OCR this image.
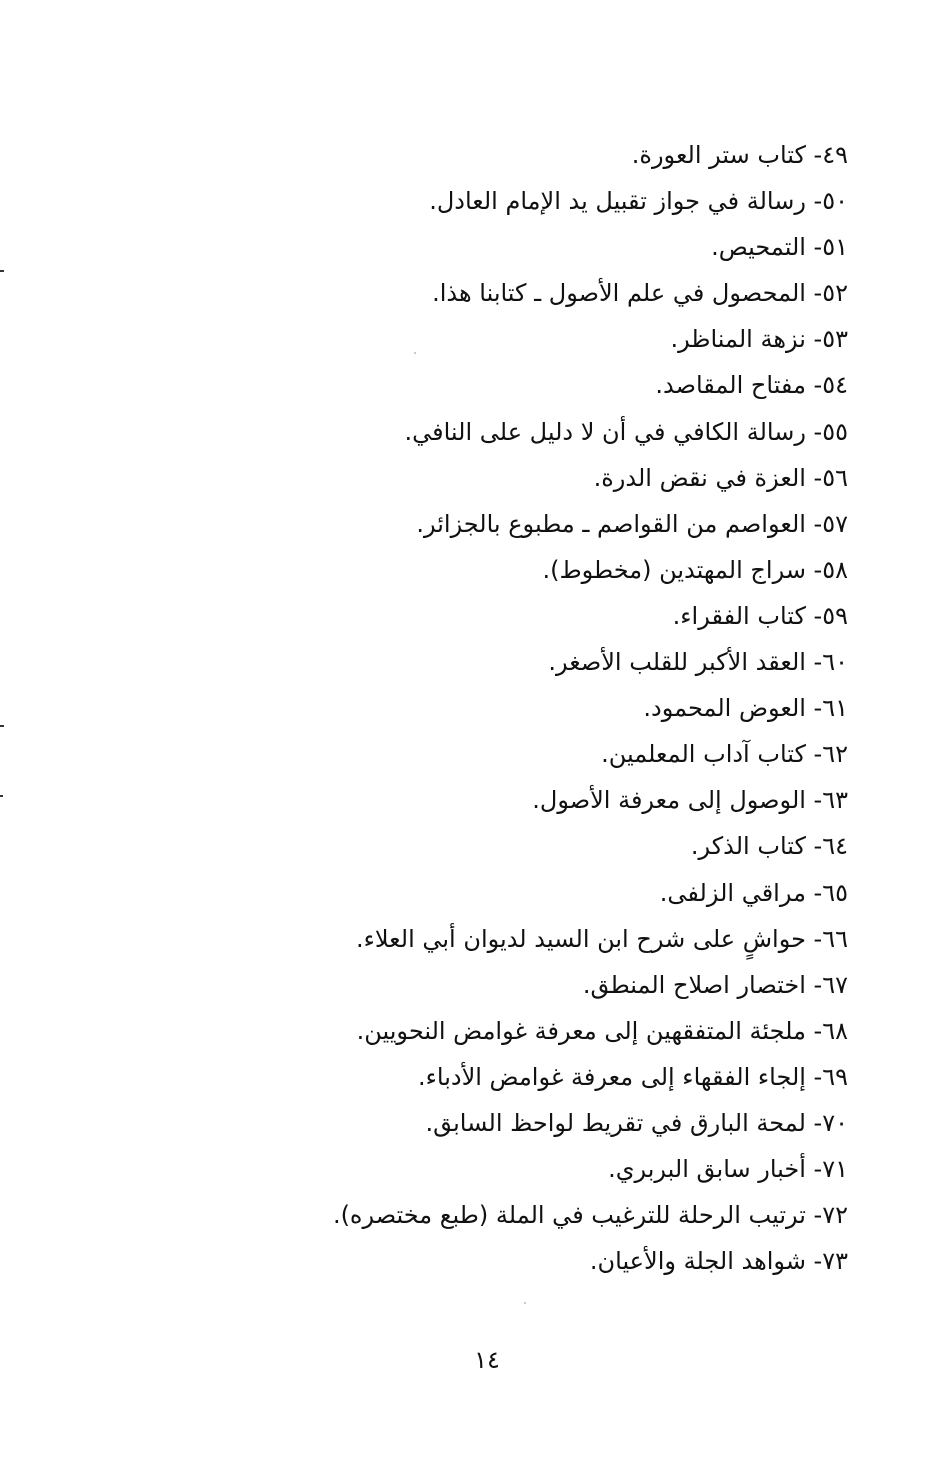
٤٩- كتاب ستر العورة.
٥٠- رسالة في جواز تقبيل يد الإمام العادل.
٥١- التمحيص.
٥٢- المحصول في علم الأصول ـ كتابنا هذا.
٥٣- نزهة المناظر.
٥٤- مفتاح المقاصد.
٥٥- رسالة الكافي في أن لا دليل على النافي.
٥٦- العزة في نقض الدرة.
٥٧- العواصم من القواصم ـ مطبوع بالجزائر.
٥٨- سراج المهتدين (مخطوط).
٥٩- كتاب الفقراء.
٦٠- العقد الأكبر للقلب الأصغر.
٦١- العوض المحمود.
٦٢- كتاب آداب المعلمين.
٦٣- الوصول إلى معرفة الأصول.
٦٤- كتاب الذكر.
٦٥- مراقي الزلفى.
٦٦- حواشٍ على شرح ابن السيد لديوان أبي العلاء.
٦٧- اختصار اصلاح المنطق.
٦٨- ملجئة المتفقهين إلى معرفة غوامض النحويين.
٦٩- إلجاء الفقهاء إلى معرفة غوامض الأدباء.
٧٠- لمحة البارق في تقريط لواحظ السابق.
٧١- أخبار سابق البربري.
٧٢- ترتيب الرحلة للترغيب في الملة (طبع مختصره).
٧٣- شواهد الجلة والأعيان.
١٤
